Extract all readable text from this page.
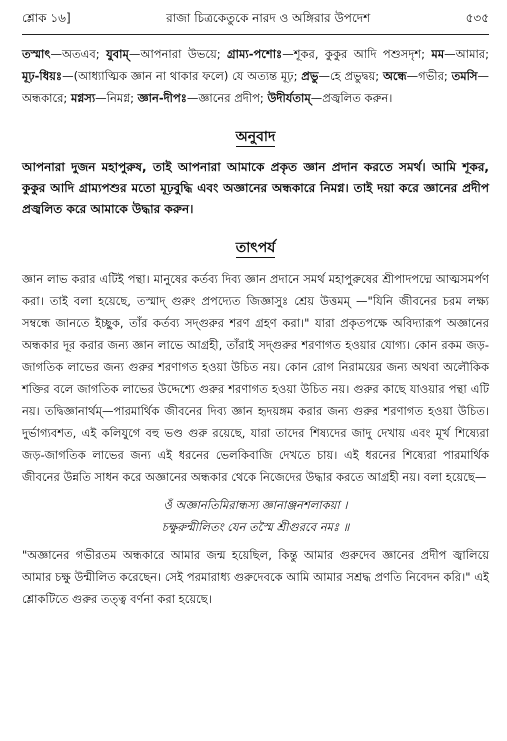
শ্লোক ১৬]	রাজা চিত্রকেতুকে নারদ ও অঙ্গিরার উপদেশ	৫৩৫

তস্মাৎ—অতএব; যুবাম্—আপনারা উভয়ে; গ্রাম্য-পশোঃ—শূকর, কুকুর আদি পশুসদৃশ; মম—আমার; মূঢ়-ধিয়ঃ—(আধ্যাত্মিক জ্ঞান না থাকার ফলে) যে অত্যন্ত মূঢ়; প্রভু—হে প্রভুদ্বয়; অন্ধে—গভীর; তমসি—অন্ধকারে; মগ্নস্য—নিমগ্ন; জ্ঞান-দীপঃ—জ্ঞানের প্রদীপ; উদীর্যতাম্—প্রজ্বলিত করুন।

অনুবাদ

আপনারা দুজন মহাপুরুষ, তাই আপনারা আমাকে প্রকৃত জ্ঞান প্রদান করতে সমর্থ। আমি শূকর, কুকুর আদি গ্রাম্যপশুর মতো মূঢ়বুদ্ধি এবং অজ্ঞানের অন্ধকারে নিমগ্ন। তাই দয়া করে জ্ঞানের প্রদীপ প্রজ্বলিত করে আমাকে উদ্ধার করুন।

তাৎপর্য

জ্ঞান লাভ করার এটিই পন্থা। মানুষের কর্তব্য দিব্য জ্ঞান প্রদানে সমর্থ মহাপুরুষের শ্রীপাদপদ্মে আত্মসমর্পণ করা। তাই বলা হয়েছে, তস্মাদ্ গুরুং প্রপদ্যেত জিজ্ঞাসুঃ শ্রেয় উত্তমম্ —"যিনি জীবনের চরম লক্ষ্য সম্বন্ধে জানতে ইচ্ছুক, তাঁর কর্তব্য সদ্গুরুর শরণ গ্রহণ করা।" যারা প্রকৃতপক্ষে অবিদ্যারূপ অজ্ঞানের অন্ধকার দূর করার জন্য জ্ঞান লাভে আগ্রহী, তাঁরাই সদ্গুরুর শরণাগত হওয়ার যোগ্য। কোন রকম জড়-জাগতিক লাভের জন্য গুরুর শরণাগত হওয়া উচিত নয়। কোন রোগ নিরাময়ের জন্য অথবা অলৌকিক শক্তির বলে জাগতিক লাভের উদ্দেশ্যে গুরুর শরণাগত হওয়া উচিত নয়। গুরুর কাছে যাওয়ার পন্থা এটি নয়। তদ্বিজ্ঞানার্থম্—পারমার্থিক জীবনের দিব্য জ্ঞান হৃদয়ঙ্গম করার জন্য গুরুর শরণাগত হওয়া উচিত। দুর্ভাগ্যবশত, এই কলিযুগে বহু ভণ্ড গুরু রয়েছে, যারা তাদের শিষ্যদের জাদু দেখায় এবং মূর্খ শিষ্যেরা জড়-জাগতিক লাভের জন্য এই ধরনের ভেলকিবাজি দেখতে চায়। এই ধরনের শিষ্যেরা পারমার্থিক জীবনের উন্নতি সাধন করে অজ্ঞানের অন্ধকার থেকে নিজেদের উদ্ধার করতে আগ্রহী নয়। বলা হয়েছে—

ওঁ অজ্ঞানতিমিরান্ধস্য জ্ঞানাঞ্জনশলাকয়া ।
চক্ষুরুন্মীলিতং যেন তস্মৈ শ্রীগুরবে নমঃ ॥

"অজ্ঞানের গভীরতম অন্ধকারে আমার জন্ম হয়েছিল, কিন্তু আমার গুরুদেব জ্ঞানের প্রদীপ জ্বালিয়ে আমার চক্ষু উন্মীলিত করেছেন। সেই পরমারাধ্য গুরুদেবকে আমি আমার সশ্রদ্ধ প্রণতি নিবেদন করি।" এই শ্লোকটিতে গুরুর তত্ত্ব বর্ণনা করা হয়েছে।
